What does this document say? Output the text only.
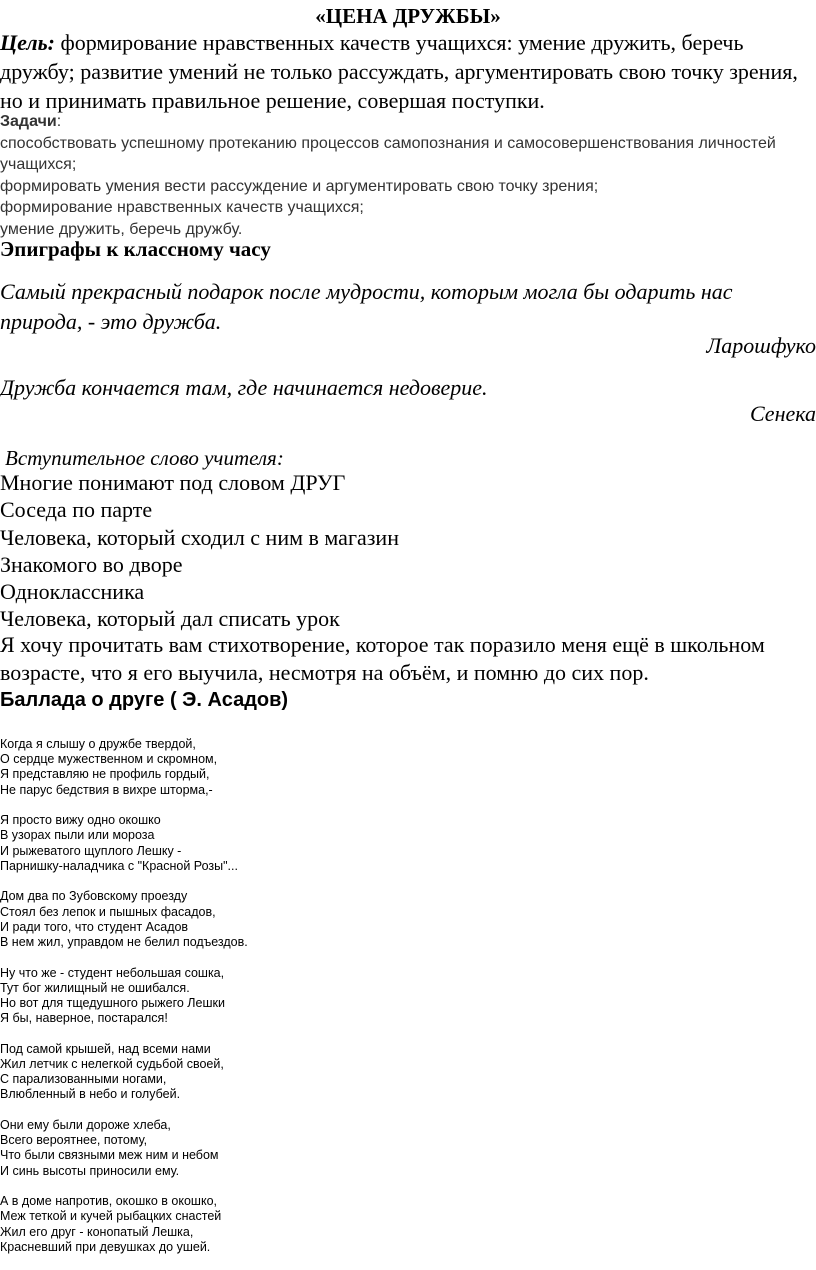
«ЦЕНА ДРУЖБЫ»
Цель: формирование нравственных качеств учащихся: умение дружить, беречь дружбу; развитие умений не только рассуждать, аргументировать свою точку зрения, но и принимать правильное решение, совершая поступки.
Задачи:
способствовать успешному протеканию процессов самопознания и самосовершенствования личностей учащихся;
формировать умения вести рассуждение и аргументировать свою точку зрения;
формирование нравственных качеств учащихся;
умение дружить, беречь дружбу.
Эпиграфы к классному часу
Самый прекрасный подарок после мудрости, которым могла бы одарить нас природа, - это дружба.
Ларошфуко
Дружба кончается там, где начинается недоверие.
Сенека
Вступительное слово учителя:
Многие понимают под словом ДРУГ
Соседа по парте
Человека, который сходил с ним в магазин
Знакомого во дворе
Одноклассника
Человека, который дал списать урок
Я хочу прочитать вам стихотворение, которое так поразило меня ещё в школьном возрасте, что я его выучила, несмотря на объём, и помню до сих пор.
Баллада о друге ( Э. Асадов)
Когда я слышу о дружбе твердой,
О сердце мужественном и скромном,
Я представляю не профиль гордый,
Не парус бедствия в вихре шторма,-
Я просто вижу одно окошко
В узорах пыли или мороза
И рыжеватого щуплого Лешку -
Парнишку-наладчика с "Красной Розы"...
Дом два по Зубовскому проезду
Стоял без лепок и пышных фасадов,
И ради того, что студент Асадов
В нем жил, управдом не белил подъездов.
Ну что же - студент небольшая сошка,
Тут бог жилищный не ошибался.
Но вот для тщедушного рыжего Лешки
Я бы, наверное, постарался!
Под самой крышей, над всеми нами
Жил летчик с нелегкой судьбой своей,
С парализованными ногами,
Влюбленный в небо и голубей.
Они ему были дороже хлеба,
Всего вероятнее, потому,
Что были связными меж ним и небом
И синь высоты приносили ему.
А в доме напротив, окошко в окошко,
Меж теткой и кучей рыбацких снастей
Жил его друг - конопатый Лешка,
Красневший при девушках до ушей.
